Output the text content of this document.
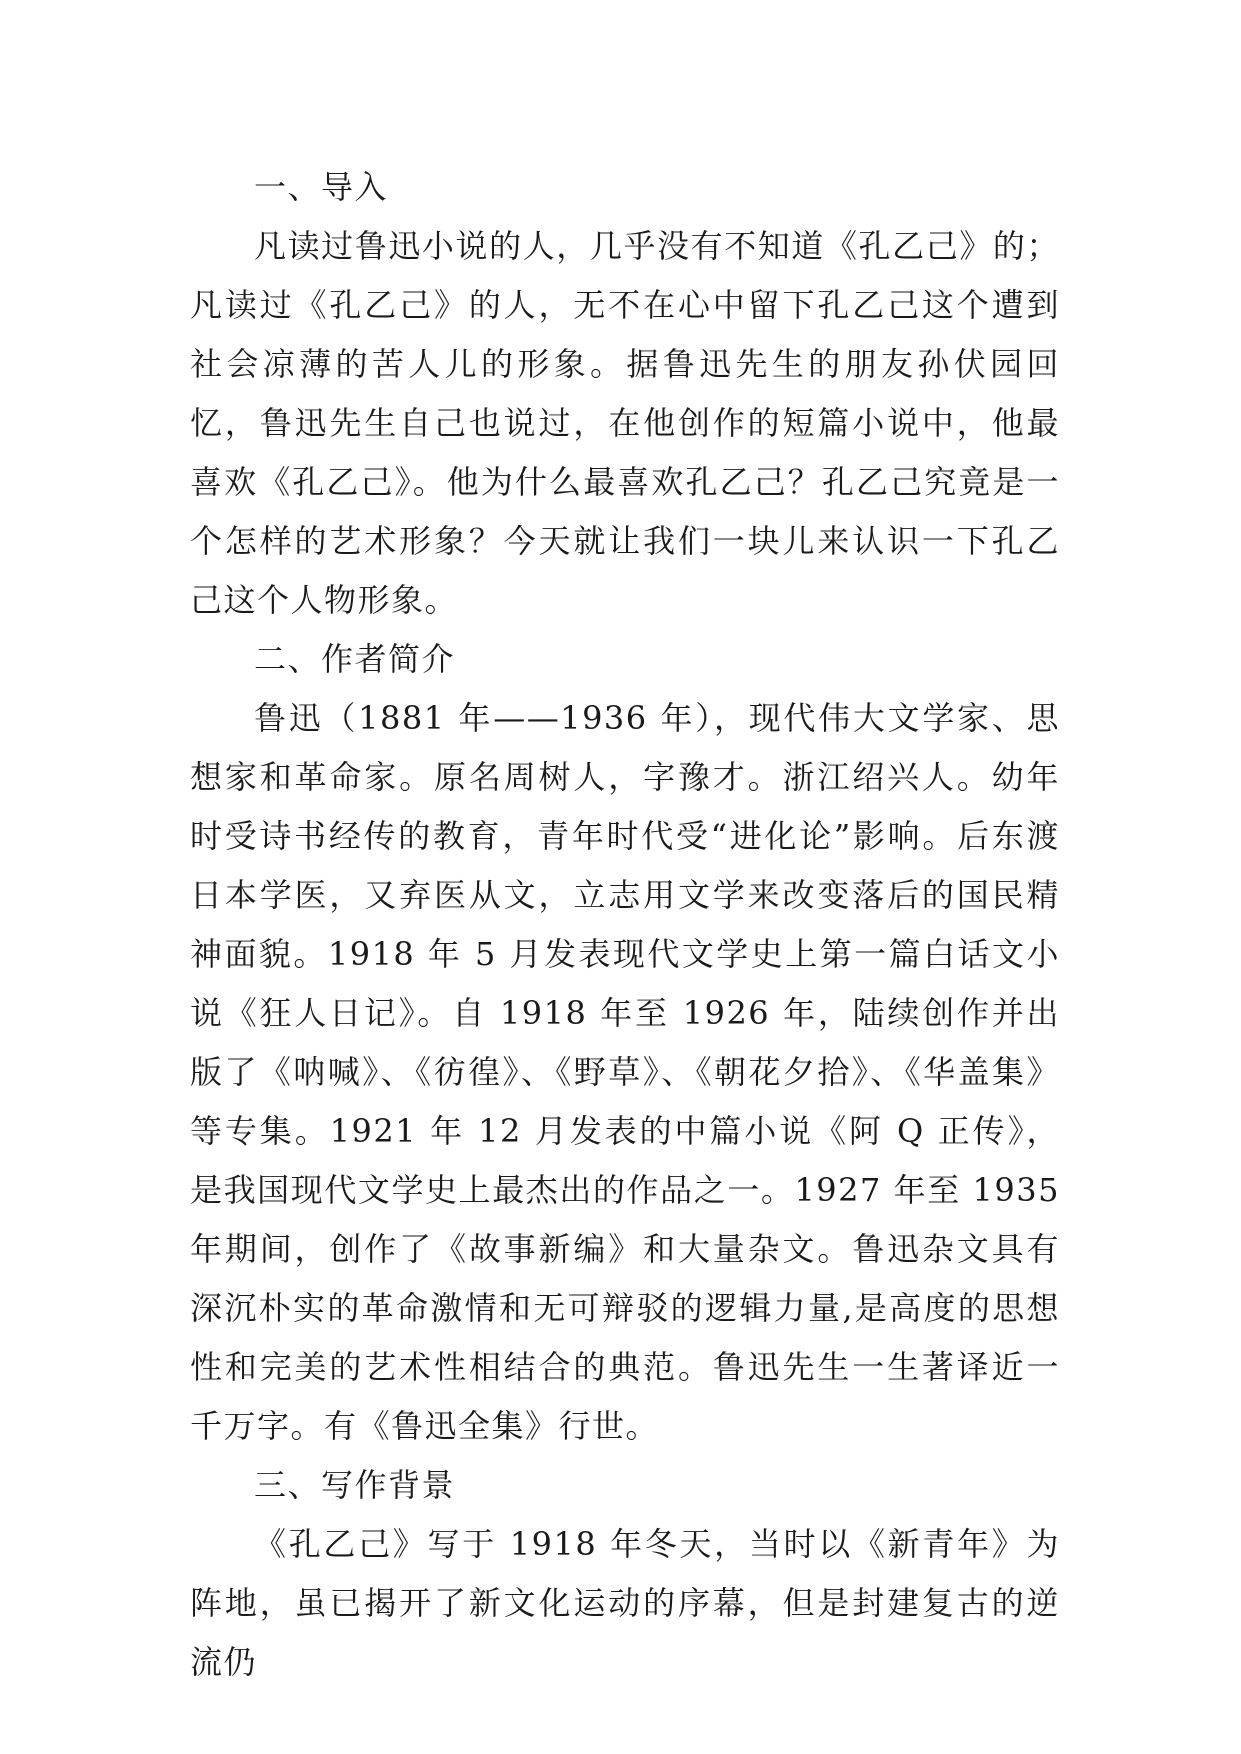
一、导入

凡读过鲁迅小说的人，几乎没有不知道《孔乙己》的；凡读过《孔乙己》的人，无不在心中留下孔乙己这个遭到社会凉薄的苦人儿的形象。据鲁迅先生的朋友孙伏园回忆，鲁迅先生自己也说过，在他创作的短篇小说中，他最喜欢《孔乙己》。他为什么最喜欢孔乙己？孔乙己究竟是一个怎样的艺术形象？今天就让我们一块儿来认识一下孔乙己这个人物形象。

二、作者简介

鲁迅（1881 年——1936 年），现代伟大文学家、思想家和革命家。原名周树人，字豫才。浙江绍兴人。幼年时受诗书经传的教育，青年时代受“进化论”影响。后东渡日本学医，又弃医从文，立志用文学来改变落后的国民精神面貌。1918 年 5 月发表现代文学史上第一篇白话文小说《狂人日记》。自 1918 年至 1926 年，陆续创作并出版了《呐喊》、《彷徨》、《野草》、《朝花夕拾》、《华盖集》等专集。1921 年 12 月发表的中篇小说《阿 Q 正传》，是我国现代文学史上最杰出的作品之一。1927 年至 1935 年期间，创作了《故事新编》和大量杂文。鲁迅杂文具有深沉朴实的革命激情和无可辩驳的逻辑力量,是高度的思想性和完美的艺术性相结合的典范。鲁迅先生一生著译近一千万字。有《鲁迅全集》行世。

三、写作背景

《孔乙己》写于 1918 年冬天，当时以《新青年》为阵地，虽已揭开了新文化运动的序幕，但是封建复古的逆流仍
